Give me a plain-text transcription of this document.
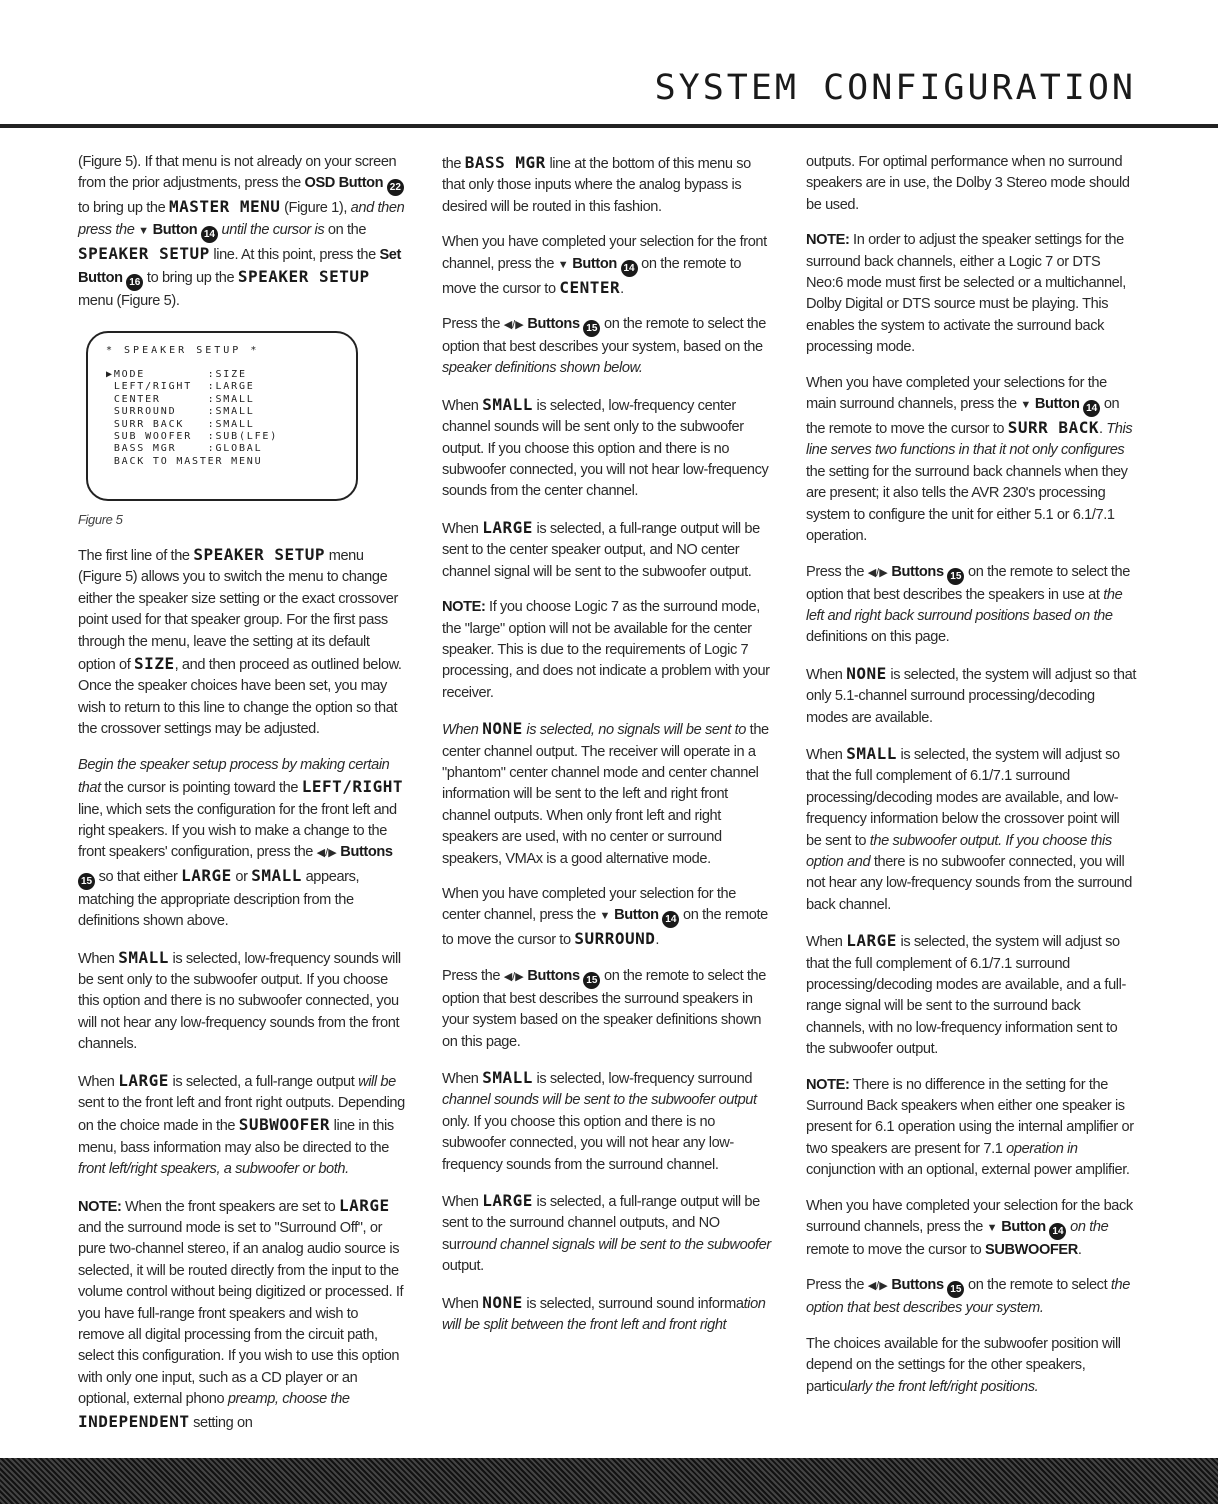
SYSTEM CONFIGURATION

(Figure 5). If that menu is not already on your screen from the prior adjustments, press the OSD Button 22 to bring up the MASTER MENU (Figure 1), and then press the ▼ Button 14 until the cursor is on the SPEAKER SETUP line. At this point, press the Set Button 16 to bring up the SPEAKER SETUP menu (Figure 5).

* SPEAKER SETUP *
▶MODE        :SIZE
LEFT/RIGHT  :LARGE
CENTER      :SMALL
SURROUND    :SMALL
SURR BACK   :SMALL
SUB WOOFER  :SUB(LFE)
BASS MGR    :GLOBAL
BACK TO MASTER MENU

Figure 5

The first line of the SPEAKER SETUP menu (Figure 5) allows you to switch the menu to change either the speaker size setting or the exact crossover point used for that speaker group. For the first pass through the menu, leave the setting at its default option of SIZE, and then proceed as outlined below. Once the speaker choices have been set, you may wish to return to this line to change the option so that the crossover settings may be adjusted.

Begin the speaker setup process by making certain that the cursor is pointing toward the LEFT/RIGHT line, which sets the configuration for the front left and right speakers. If you wish to make a change to the front speakers' configuration, press the ◀/▶ Buttons 15 so that either LARGE or SMALL appears, matching the appropriate description from the definitions shown above.

When SMALL is selected, low-frequency sounds will be sent only to the subwoofer output. If you choose this option and there is no subwoofer connected, you will not hear any low-frequency sounds from the front channels.

When LARGE is selected, a full-range output will be sent to the front left and front right outputs. Depending on the choice made in the SUBWOOFER line in this menu, bass information may also be directed to the front left/right speakers, a subwoofer or both.

NOTE: When the front speakers are set to LARGE and the surround mode is set to "Surround Off", or pure two-channel stereo, if an analog audio source is selected, it will be routed directly from the input to the volume control without being digitized or processed. If you have full-range front speakers and wish to remove all digital processing from the circuit path, select this configuration. If you wish to use this option with only one input, such as a CD player or an optional, external phono preamp, choose the INDEPENDENT setting on

the BASS MGR line at the bottom of this menu so that only those inputs where the analog bypass is desired will be routed in this fashion.

When you have completed your selection for the front channel, press the ▼ Button 14 on the remote to move the cursor to CENTER.

Press the ◀/▶ Buttons 15 on the remote to select the option that best describes your system, based on the speaker definitions shown below.

When SMALL is selected, low-frequency center channel sounds will be sent only to the subwoofer output. If you choose this option and there is no subwoofer connected, you will not hear low-frequency sounds from the center channel.

When LARGE is selected, a full-range output will be sent to the center speaker output, and NO center channel signal will be sent to the subwoofer output.

NOTE: If you choose Logic 7 as the surround mode, the "large" option will not be available for the center speaker. This is due to the requirements of Logic 7 processing, and does not indicate a problem with your receiver.

When NONE is selected, no signals will be sent to the center channel output. The receiver will operate in a "phantom" center channel mode and center channel information will be sent to the left and right front channel outputs. When only front left and right speakers are used, with no center or surround speakers, VMAx is a good alternative mode.

When you have completed your selection for the center channel, press the ▼ Button 14 on the remote to move the cursor to SURROUND.

Press the ◀/▶ Buttons 15 on the remote to select the option that best describes the surround speakers in your system based on the speaker definitions shown on this page.

When SMALL is selected, low-frequency surround channel sounds will be sent to the subwoofer output only. If you choose this option and there is no subwoofer connected, you will not hear any low-frequency sounds from the surround channel.

When LARGE is selected, a full-range output will be sent to the surround channel outputs, and NO surround channel signals will be sent to the subwoofer output.

When NONE is selected, surround sound information will be split between the front left and front right

outputs. For optimal performance when no surround speakers are in use, the Dolby 3 Stereo mode should be used.

NOTE: In order to adjust the speaker settings for the surround back channels, either a Logic 7 or DTS Neo:6 mode must first be selected or a multichannel, Dolby Digital or DTS source must be playing. This enables the system to activate the surround back processing mode.

When you have completed your selections for the main surround channels, press the ▼ Button 14 on the remote to move the cursor to SURR BACK. This line serves two functions in that it not only configures the setting for the surround back channels when they are present; it also tells the AVR 230's processing system to configure the unit for either 5.1 or 6.1/7.1 operation.

Press the ◀/▶ Buttons 15 on the remote to select the option that best describes the speakers in use at the left and right back surround positions based on the definitions on this page.

When NONE is selected, the system will adjust so that only 5.1-channel surround processing/decoding modes are available.

When SMALL is selected, the system will adjust so that the full complement of 6.1/7.1 surround processing/decoding modes are available, and low-frequency information below the crossover point will be sent to the subwoofer output. If you choose this option and there is no subwoofer connected, you will not hear any low-frequency sounds from the surround back channel.

When LARGE is selected, the system will adjust so that the full complement of 6.1/7.1 surround processing/decoding modes are available, and a full-range signal will be sent to the surround back channels, with no low-frequency information sent to the subwoofer output.

NOTE: There is no difference in the setting for the Surround Back speakers when either one speaker is present for 6.1 operation using the internal amplifier or two speakers are present for 7.1 operation in conjunction with an optional, external power amplifier.

When you have completed your selection for the back surround channels, press the ▼ Button 14 on the remote to move the cursor to SUBWOOFER.

Press the ◀/▶ Buttons 15 on the remote to select the option that best describes your system.

The choices available for the subwoofer position will depend on the settings for the other speakers, particularly the front left/right positions.
